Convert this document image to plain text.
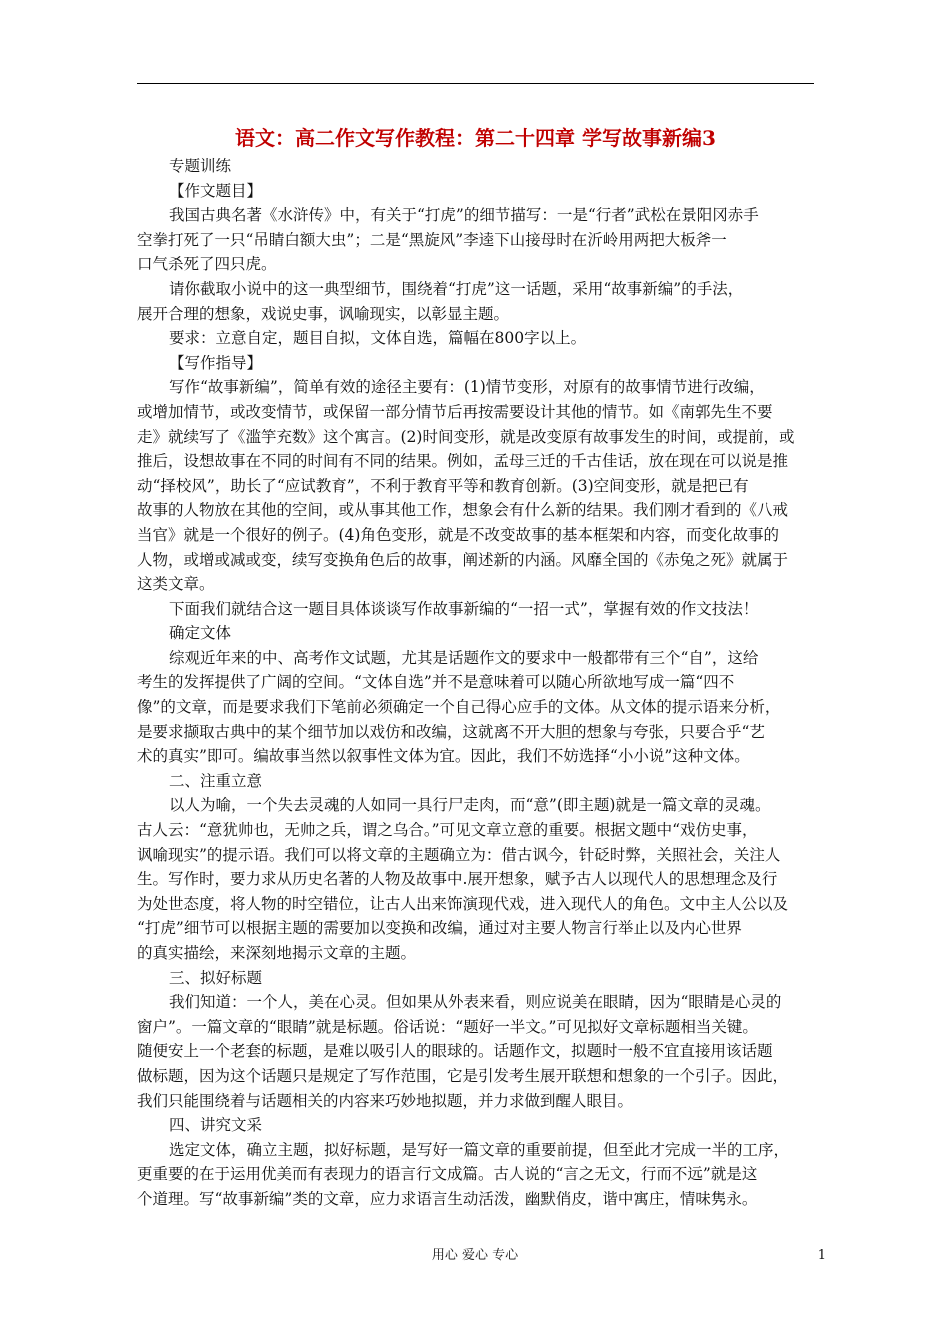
语文：高二作文写作教程：第二十四章 学写故事新编3

专题训练

【作文题目】

我国古典名著《水浒传》中，有关于“打虎”的细节描写：一是“行者”武松在景阳冈赤手

空拳打死了一只“吊睛白额大虫”；二是“黑旋风”李逵下山接母时在沂岭用两把大板斧一

口气杀死了四只虎。

请你截取小说中的这一典型细节，围绕着“打虎”这一话题，采用“故事新编”的手法，

展开合理的想象，戏说史事，讽喻现实，以彰显主题。

要求：立意自定，题目自拟，文体自选，篇幅在800字以上。

【写作指导】

写作“故事新编”，简单有效的途径主要有：(1)情节变形，对原有的故事情节进行改编，

或增加情节，或改变情节，或保留一部分情节后再按需要设计其他的情节。如《南郭先生不要

走》就续写了《滥竽充数》这个寓言。(2)时间变形，就是改变原有故事发生的时间，或提前，或

推后，设想故事在不同的时间有不同的结果。例如，孟母三迁的千古佳话，放在现在可以说是推

动“择校风”，助长了“应试教育”，不利于教育平等和教育创新。(3)空间变形，就是把已有

故事的人物放在其他的空间，或从事其他工作，想象会有什么新的结果。我们刚才看到的《八戒

当官》就是一个很好的例子。(4)角色变形，就是不改变故事的基本框架和内容，而变化故事的

人物，或增或减或变，续写变换角色后的故事，阐述新的内涵。风靡全国的《赤兔之死》就属于

这类文章。

下面我们就结合这一题目具体谈谈写作故事新编的“一招一式”，掌握有效的作文技法！

确定文体

综观近年来的中、高考作文试题，尤其是话题作文的要求中一般都带有三个“自”，这给

考生的发挥提供了广阔的空间。“文体自选”并不是意味着可以随心所欲地写成一篇“四不

像”的文章，而是要求我们下笔前必须确定一个自己得心应手的文体。从文体的提示语来分析，

是要求撷取古典中的某个细节加以戏仿和改编，这就离不开大胆的想象与夸张，只要合乎“艺

术的真实”即可。编故事当然以叙事性文体为宜。因此，我们不妨选择“小小说”这种文体。

二、注重立意

以人为喻，一个失去灵魂的人如同一具行尸走肉，而“意”(即主题)就是一篇文章的灵魂。

古人云：“意犹帅也，无帅之兵，谓之乌合。”可见文章立意的重要。根据文题中“戏仿史事，

讽喻现实”的提示语。我们可以将文章的主题确立为：借古讽今，针砭时弊，关照社会，关注人

生。写作时，要力求从历史名著的人物及故事中.展开想象，赋予古人以现代人的思想理念及行

为处世态度，将人物的时空错位，让古人出来饰演现代戏，进入现代人的角色。文中主人公以及

“打虎”细节可以根据主题的需要加以变换和改编，通过对主要人物言行举止以及内心世界

的真实描绘，来深刻地揭示文章的主题。

三、拟好标题

我们知道：一个人，美在心灵。但如果从外表来看，则应说美在眼睛，因为“眼睛是心灵的

窗户”。一篇文章的“眼睛”就是标题。俗话说：“题好一半文。”可见拟好文章标题相当关键。

随便安上一个老套的标题，是难以吸引人的眼球的。话题作文，拟题时一般不宜直接用该话题

做标题，因为这个话题只是规定了写作范围，它是引发考生展开联想和想象的一个引子。因此，

我们只能围绕着与话题相关的内容来巧妙地拟题，并力求做到醒人眼目。

四、讲究文采

选定文体，确立主题，拟好标题，是写好一篇文章的重要前提，但至此才完成一半的工序，

更重要的在于运用优美而有表现力的语言行文成篇。古人说的“言之无文，行而不远”就是这

个道理。写“故事新编”类的文章，应力求语言生动活泼，幽默俏皮，谐中寓庄，情味隽永。

用心 爱心 专心	1
